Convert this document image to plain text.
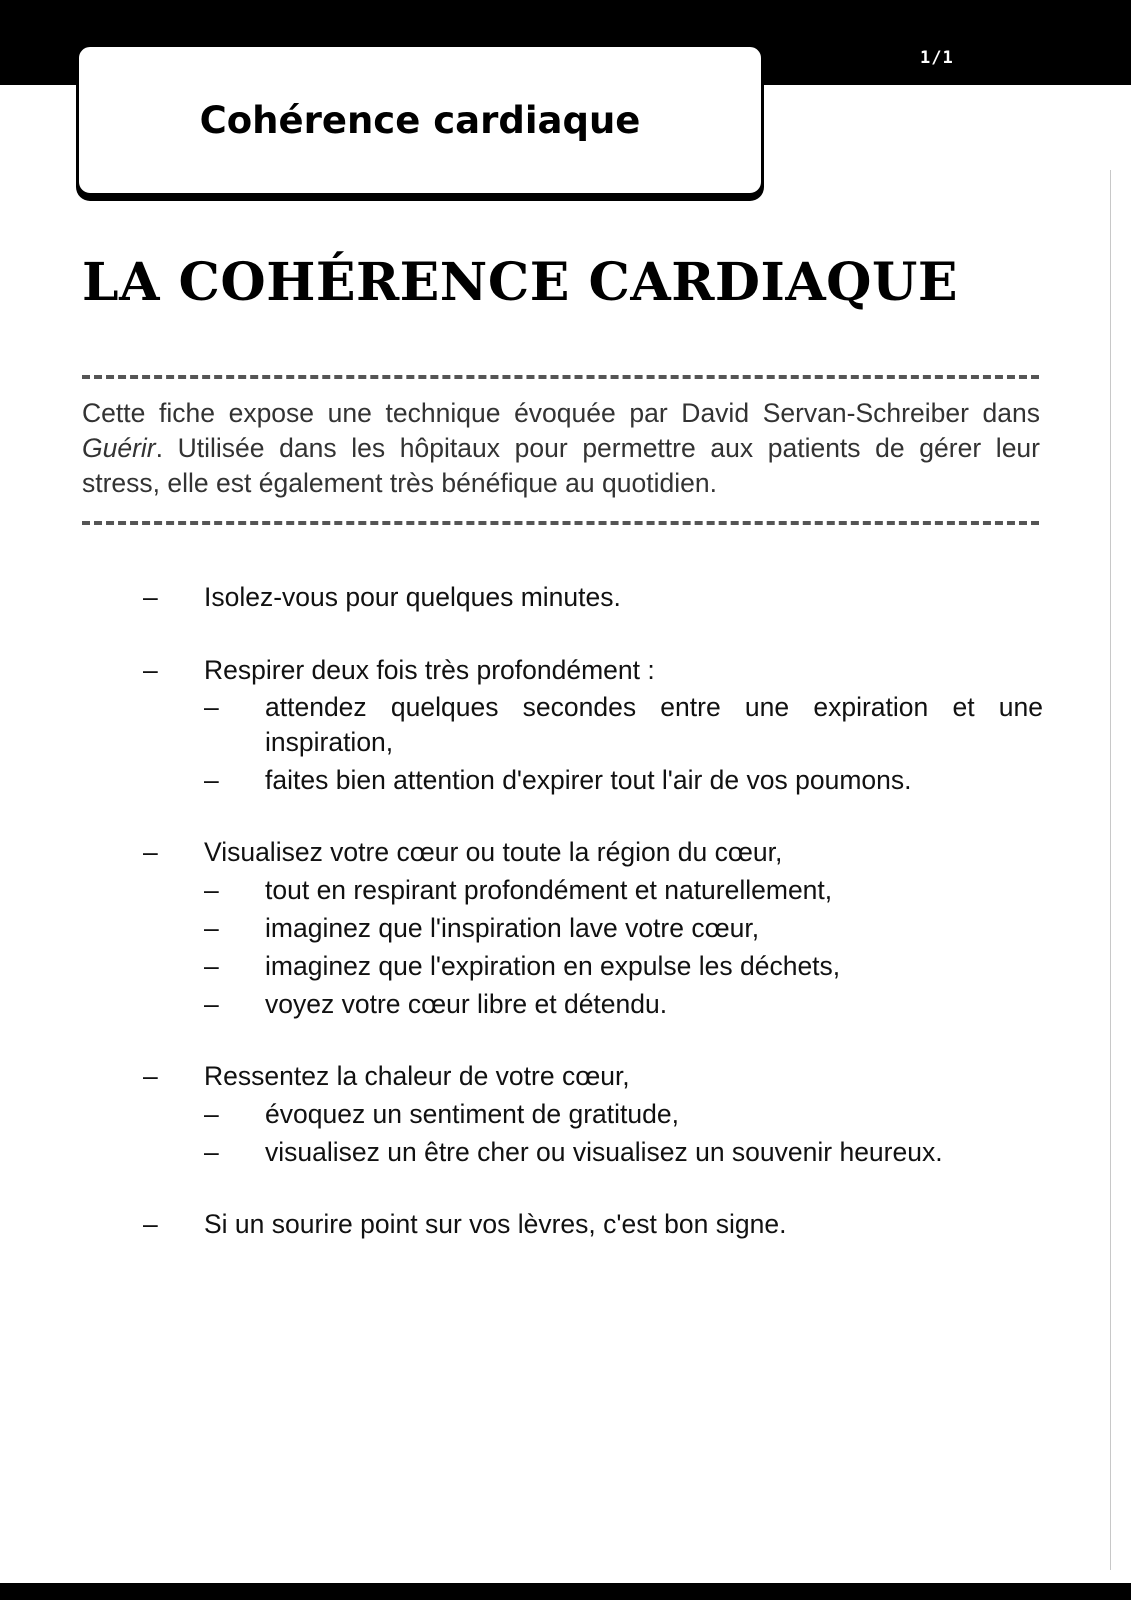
1/1
Cohérence cardiaque
LA COHÉRENCE CARDIAQUE

Cette fiche expose une technique évoquée par David Servan-Schreiber dans Guérir. Utilisée dans les hôpitaux pour permettre aux patients de gérer leur stress, elle est également très bénéfique au quotidien.

– Isolez-vous pour quelques minutes.
– Respirer deux fois très profondément :
– attendez quelques secondes entre une expiration et une
inspiration,
– faites bien attention d'expirer tout l'air de vos poumons.
– Visualisez votre cœur ou toute la région du cœur,
– tout en respirant profondément et naturellement,
– imaginez que l'inspiration lave votre cœur,
– imaginez que l'expiration en expulse les déchets,
– voyez votre cœur libre et détendu.
– Ressentez la chaleur de votre cœur,
– évoquez un sentiment de gratitude,
– visualisez un être cher ou visualisez un souvenir heureux.
– Si un sourire point sur vos lèvres, c'est bon signe.
